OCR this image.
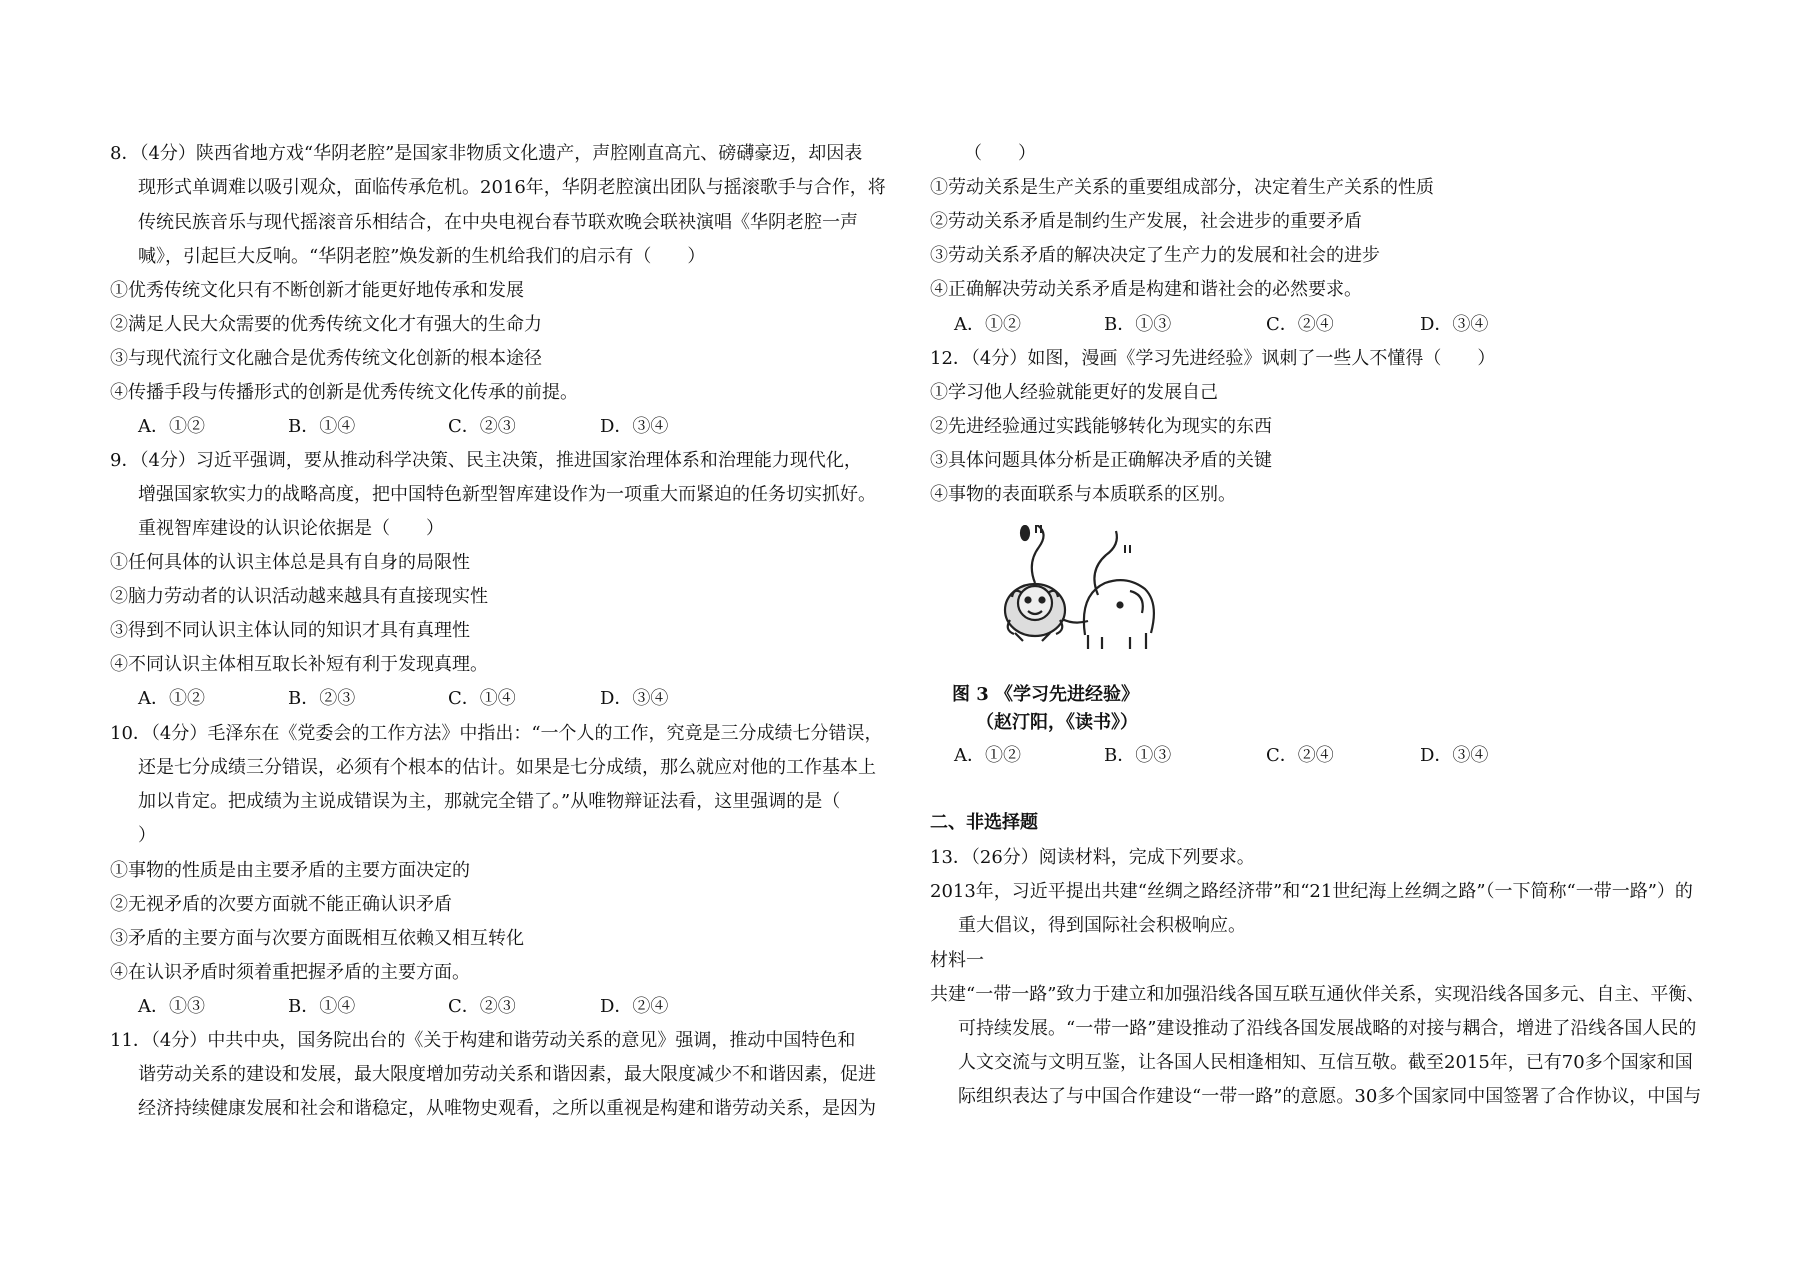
8．（4分）陕西省地方戏“华阴老腔”是国家非物质文化遗产，声腔刚直高亢、磅礴豪迈，却因表
现形式单调难以吸引观众，面临传承危机。2016年，华阴老腔演出团队与摇滚歌手与合作，将
传统民族音乐与现代摇滚音乐相结合，在中央电视台春节联欢晚会联袂演唱《华阴老腔一声
喊》，引起巨大反响。“华阴老腔”焕发新的生机给我们的启示有（　　）
①优秀传统文化只有不断创新才能更好地传承和发展
②满足人民大众需要的优秀传统文化才有强大的生命力
③与现代流行文化融合是优秀传统文化创新的根本途径
④传播手段与传播形式的创新是优秀传统文化传承的前提。
A．①②	B．①④	C．②③	D．③④
9．（4分）习近平强调，要从推动科学决策、民主决策，推进国家治理体系和治理能力现代化，
增强国家软实力的战略高度，把中国特色新型智库建设作为一项重大而紧迫的任务切实抓好。
重视智库建设的认识论依据是（　　）
①任何具体的认识主体总是具有自身的局限性
②脑力劳动者的认识活动越来越具有直接现实性
③得到不同认识主体认同的知识才具有真理性
④不同认识主体相互取长补短有利于发现真理。
A．①②	B．②③	C．①④	D．③④
10．（4分）毛泽东在《党委会的工作方法》中指出：“一个人的工作，究竟是三分成绩七分错误，
还是七分成绩三分错误，必须有个根本的估计。如果是七分成绩，那么就应对他的工作基本上
加以肯定。把成绩为主说成错误为主，那就完全错了。”从唯物辩证法看，这里强调的是（
）
①事物的性质是由主要矛盾的主要方面决定的
②无视矛盾的次要方面就不能正确认识矛盾
③矛盾的主要方面与次要方面既相互依赖又相互转化
④在认识矛盾时须着重把握矛盾的主要方面。
A．①③	B．①④	C．②③	D．②④
11．（4分）中共中央，国务院出台的《关于构建和谐劳动关系的意见》强调，推动中国特色和
谐劳动关系的建设和发展，最大限度增加劳动关系和谐因素，最大限度减少不和谐因素，促进
经济持续健康发展和社会和谐稳定，从唯物史观看，之所以重视是构建和谐劳动关系，是因为
（　　）
①劳动关系是生产关系的重要组成部分，决定着生产关系的性质
②劳动关系矛盾是制约生产发展，社会进步的重要矛盾
③劳动关系矛盾的解决决定了生产力的发展和社会的进步
④正确解决劳动关系矛盾是构建和谐社会的必然要求。
A．①②	B．①③	C．②④	D．③④
12．（4分）如图，漫画《学习先进经验》讽刺了一些人不懂得（　　）
①学习他人经验就能更好的发展自己
②先进经验通过实践能够转化为现实的东西
③具体问题具体分析是正确解决矛盾的关键
④事物的表面联系与本质联系的区别。
图 3 《学习先进经验》
（赵汀阳，《读书》）
A．①②	B．①③	C．②④	D．③④
二、非选择题
13．（26分）阅读材料，完成下列要求。
2013年，习近平提出共建“丝绸之路经济带”和“21世纪海上丝绸之路”（一下简称“一带一路”）的
重大倡议，得到国际社会积极响应。
材料一
共建“一带一路”致力于建立和加强沿线各国互联互通伙伴关系，实现沿线各国多元、自主、平衡、
可持续发展。“一带一路”建设推动了沿线各国发展战略的对接与耦合，增进了沿线各国人民的
人文交流与文明互鉴，让各国人民相逢相知、互信互敬。截至2015年，已有70多个国家和国
际组织表达了与中国合作建设“一带一路”的意愿。30多个国家同中国签署了合作协议，中国与
